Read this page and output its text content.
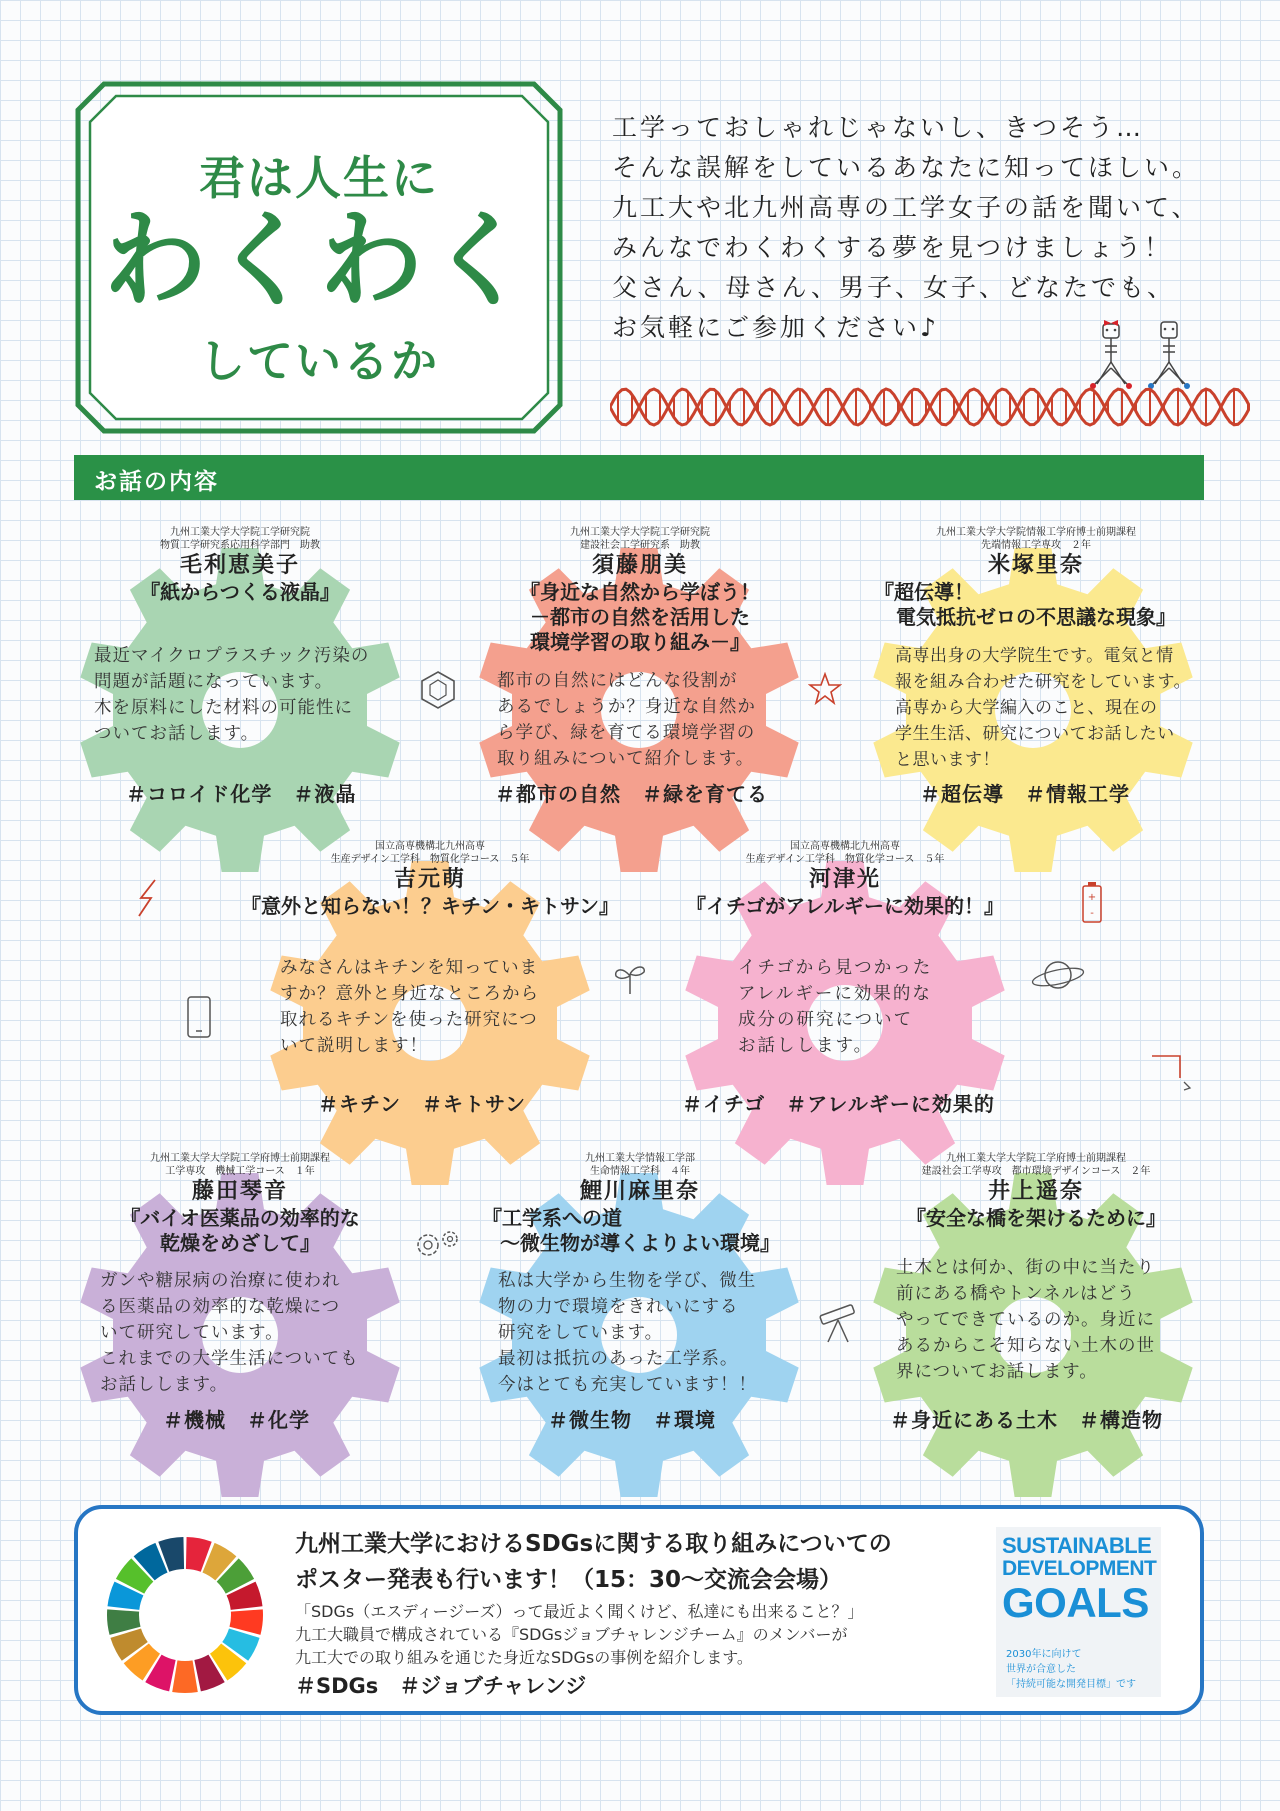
君は人生に
わくわく
しているか
工学っておしゃれじゃないし、きつそう…
そんな誤解をしているあなたに知ってほしい。
九工大や北九州高専の工学女子の話を聞いて、
みんなでわくわくする夢を見つけましょう！
父さん、母さん、男子、女子、どなたでも、
お気軽にご参加ください♪
お話の内容
+
-
九州工業大学大学院工学研究院
物質工学研究系応用科学部門　助教
毛利恵美子
『紙からつくる液晶』
最近マイクロプラスチック汚染の
問題が話題になっています。
木を原料にした材料の可能性に
ついてお話します。
＃コロイド化学　＃液晶
九州工業大学大学院工学研究院
建設社会工学研究系　助教
須藤朋美
『身近な自然から学ぼう！
－都市の自然を活用した
環境学習の取り組み－』
都市の自然にはどんな役割が
あるでしょうか？身近な自然か
ら学び、緑を育てる環境学習の
取り組みについて紹介します。
＃都市の自然　＃緑を育てる
九州工業大学大学院情報工学府博士前期課程
先端情報工学専攻　２年
米塚里奈
『超伝導！
電気抵抗ゼロの不思議な現象』
高専出身の大学院生です。電気と情
報を組み合わせた研究をしています。
高専から大学編入のこと、現在の
学生生活、研究についてお話したい
と思います！
＃超伝導　＃情報工学
国立高専機構北九州高専
生産デザイン工学科　物質化学コース　５年
吉元萌
『意外と知らない！？キチン・キトサン』
みなさんはキチンを知っていま
すか？意外と身近なところから
取れるキチンを使った研究につ
いて説明します！
＃キチン　＃キトサン
国立高専機構北九州高専
生産デザイン工学科　物質化学コース　５年
河津光
『イチゴがアレルギーに効果的！』
イチゴから見つかった
アレルギーに効果的な
成分の研究について
お話しします。
＃イチゴ　＃アレルギーに効果的
九州工業大学大学院工学府博士前期課程
工学専攻　機械工学コース　１年
藤田琴音
『バイオ医薬品の効率的な
乾燥をめざして』
ガンや糖尿病の治療に使われ
る医薬品の効率的な乾燥につ
いて研究しています。
これまでの大学生活についても
お話しします。
＃機械　＃化学
九州工業大学情報工学部
生命情報工学科　４年
鯉川麻里奈
『工学系への道
～微生物が導くよりよい環境』
私は大学から生物を学び、微生
物の力で環境をきれいにする
研究をしています。
最初は抵抗のあった工学系。
今はとても充実しています！！
＃微生物　＃環境
九州工業大学大学院工学府博士前期課程
建設社会工学専攻　都市環境デザインコース　２年
井上遥奈
『安全な橋を架けるために』
土木とは何か、街の中に当たり
前にある橋やトンネルはどう
やってできているのか。身近に
あるからこそ知らない土木の世
界についてお話します。
＃身近にある土木　＃構造物
九州工業大学におけるSDGsに関する取り組みについての
ポスター発表も行います！（15：30～交流会会場）
「SDGs（エスディージーズ）って最近よく聞くけど、私達にも出来ること？」
九工大職員で構成されている『SDGsジョブチャレンジチーム』のメンバーが
九工大での取り組みを通じた身近なSDGsの事例を紹介します。
＃SDGs　＃ジョブチャレンジ
SUSTAINABLE
DEVELOPMENT
GOALS
2030年に向けて
世界が合意した
「持続可能な開発目標」です
